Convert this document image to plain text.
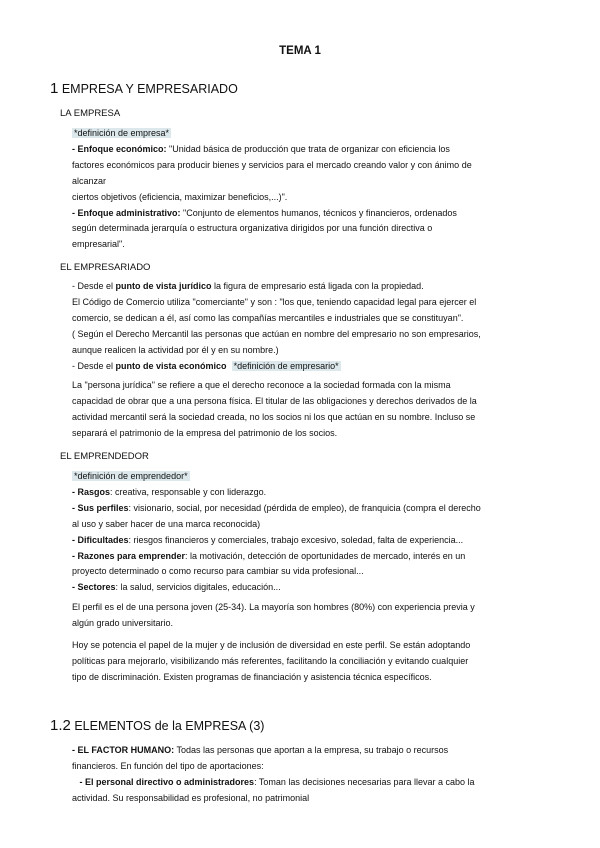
TEMA 1
1 EMPRESA Y EMPRESARIADO
LA EMPRESA

*definición de empresa*

- Enfoque económico: "Unidad básica de producción que trata de organizar con eficiencia los

factores económicos para producir bienes y servicios para el mercado creando valor y con ánimo de

alcanzar

ciertos objetivos (eficiencia, maximizar beneficios,...)".

- Enfoque administrativo: "Conjunto de elementos humanos, técnicos y financieros, ordenados

según determinada jerarquía o estructura organizativa dirigidos por una función directiva o

empresarial".

EL EMPRESARIADO

- Desde el punto de vista jurídico la figura de empresario está ligada con la propiedad.

El Código de Comercio utiliza "comerciante" y son : "los que, teniendo capacidad legal para ejercer el

comercio, se dedican a él, así como las compañías mercantiles e industriales que se constituyan".

( Según el Derecho Mercantil las personas que actúan en nombre del empresario no son empresarios,

aunque realicen la actividad por él y en su nombre.)

- Desde el punto de vista económico *definición de empresario*

La "persona jurídica" se refiere a que el derecho reconoce a la sociedad formada con la misma

capacidad de obrar que a una persona física. El titular de las obligaciones y derechos derivados de la

actividad mercantil será la sociedad creada, no los socios ni los que actúan en su nombre. Incluso se

separará el patrimonio de la empresa del patrimonio de los socios.

EL EMPRENDEDOR

*definición de emprendedor*

- Rasgos: creativa, responsable y con liderazgo.

- Sus perfiles: visionario, social, por necesidad (pérdida de empleo), de franquicia (compra el derecho

al uso y saber hacer de una marca reconocida)

- Dificultades: riesgos financieros y comerciales, trabajo excesivo, soledad, falta de experiencia...

- Razones para emprender: la motivación, detección de oportunidades de mercado, interés en un

proyecto determinado o como recurso para cambiar su vida profesional...

- Sectores: la salud, servicios digitales, educación...

El perfil es el de una persona joven (25-34). La mayoría son hombres (80%) con experiencia previa y

algún grado universitario.

Hoy se potencia el papel de la mujer y de inclusión de diversidad en este perfil. Se están adoptando

políticas para mejorarlo, visibilizando más referentes, facilitando la conciliación y evitando cualquier

tipo de discriminación. Existen programas de financiación y asistencia técnica específicos.

1.2 ELEMENTOS de la EMPRESA (3)

- EL FACTOR HUMANO: Todas las personas que aportan a la empresa, su trabajo o recursos

financieros. En función del tipo de aportaciones:

- El personal directivo o administradores: Toman las decisiones necesarias para llevar a cabo la

actividad. Su responsabilidad es profesional, no patrimonial
